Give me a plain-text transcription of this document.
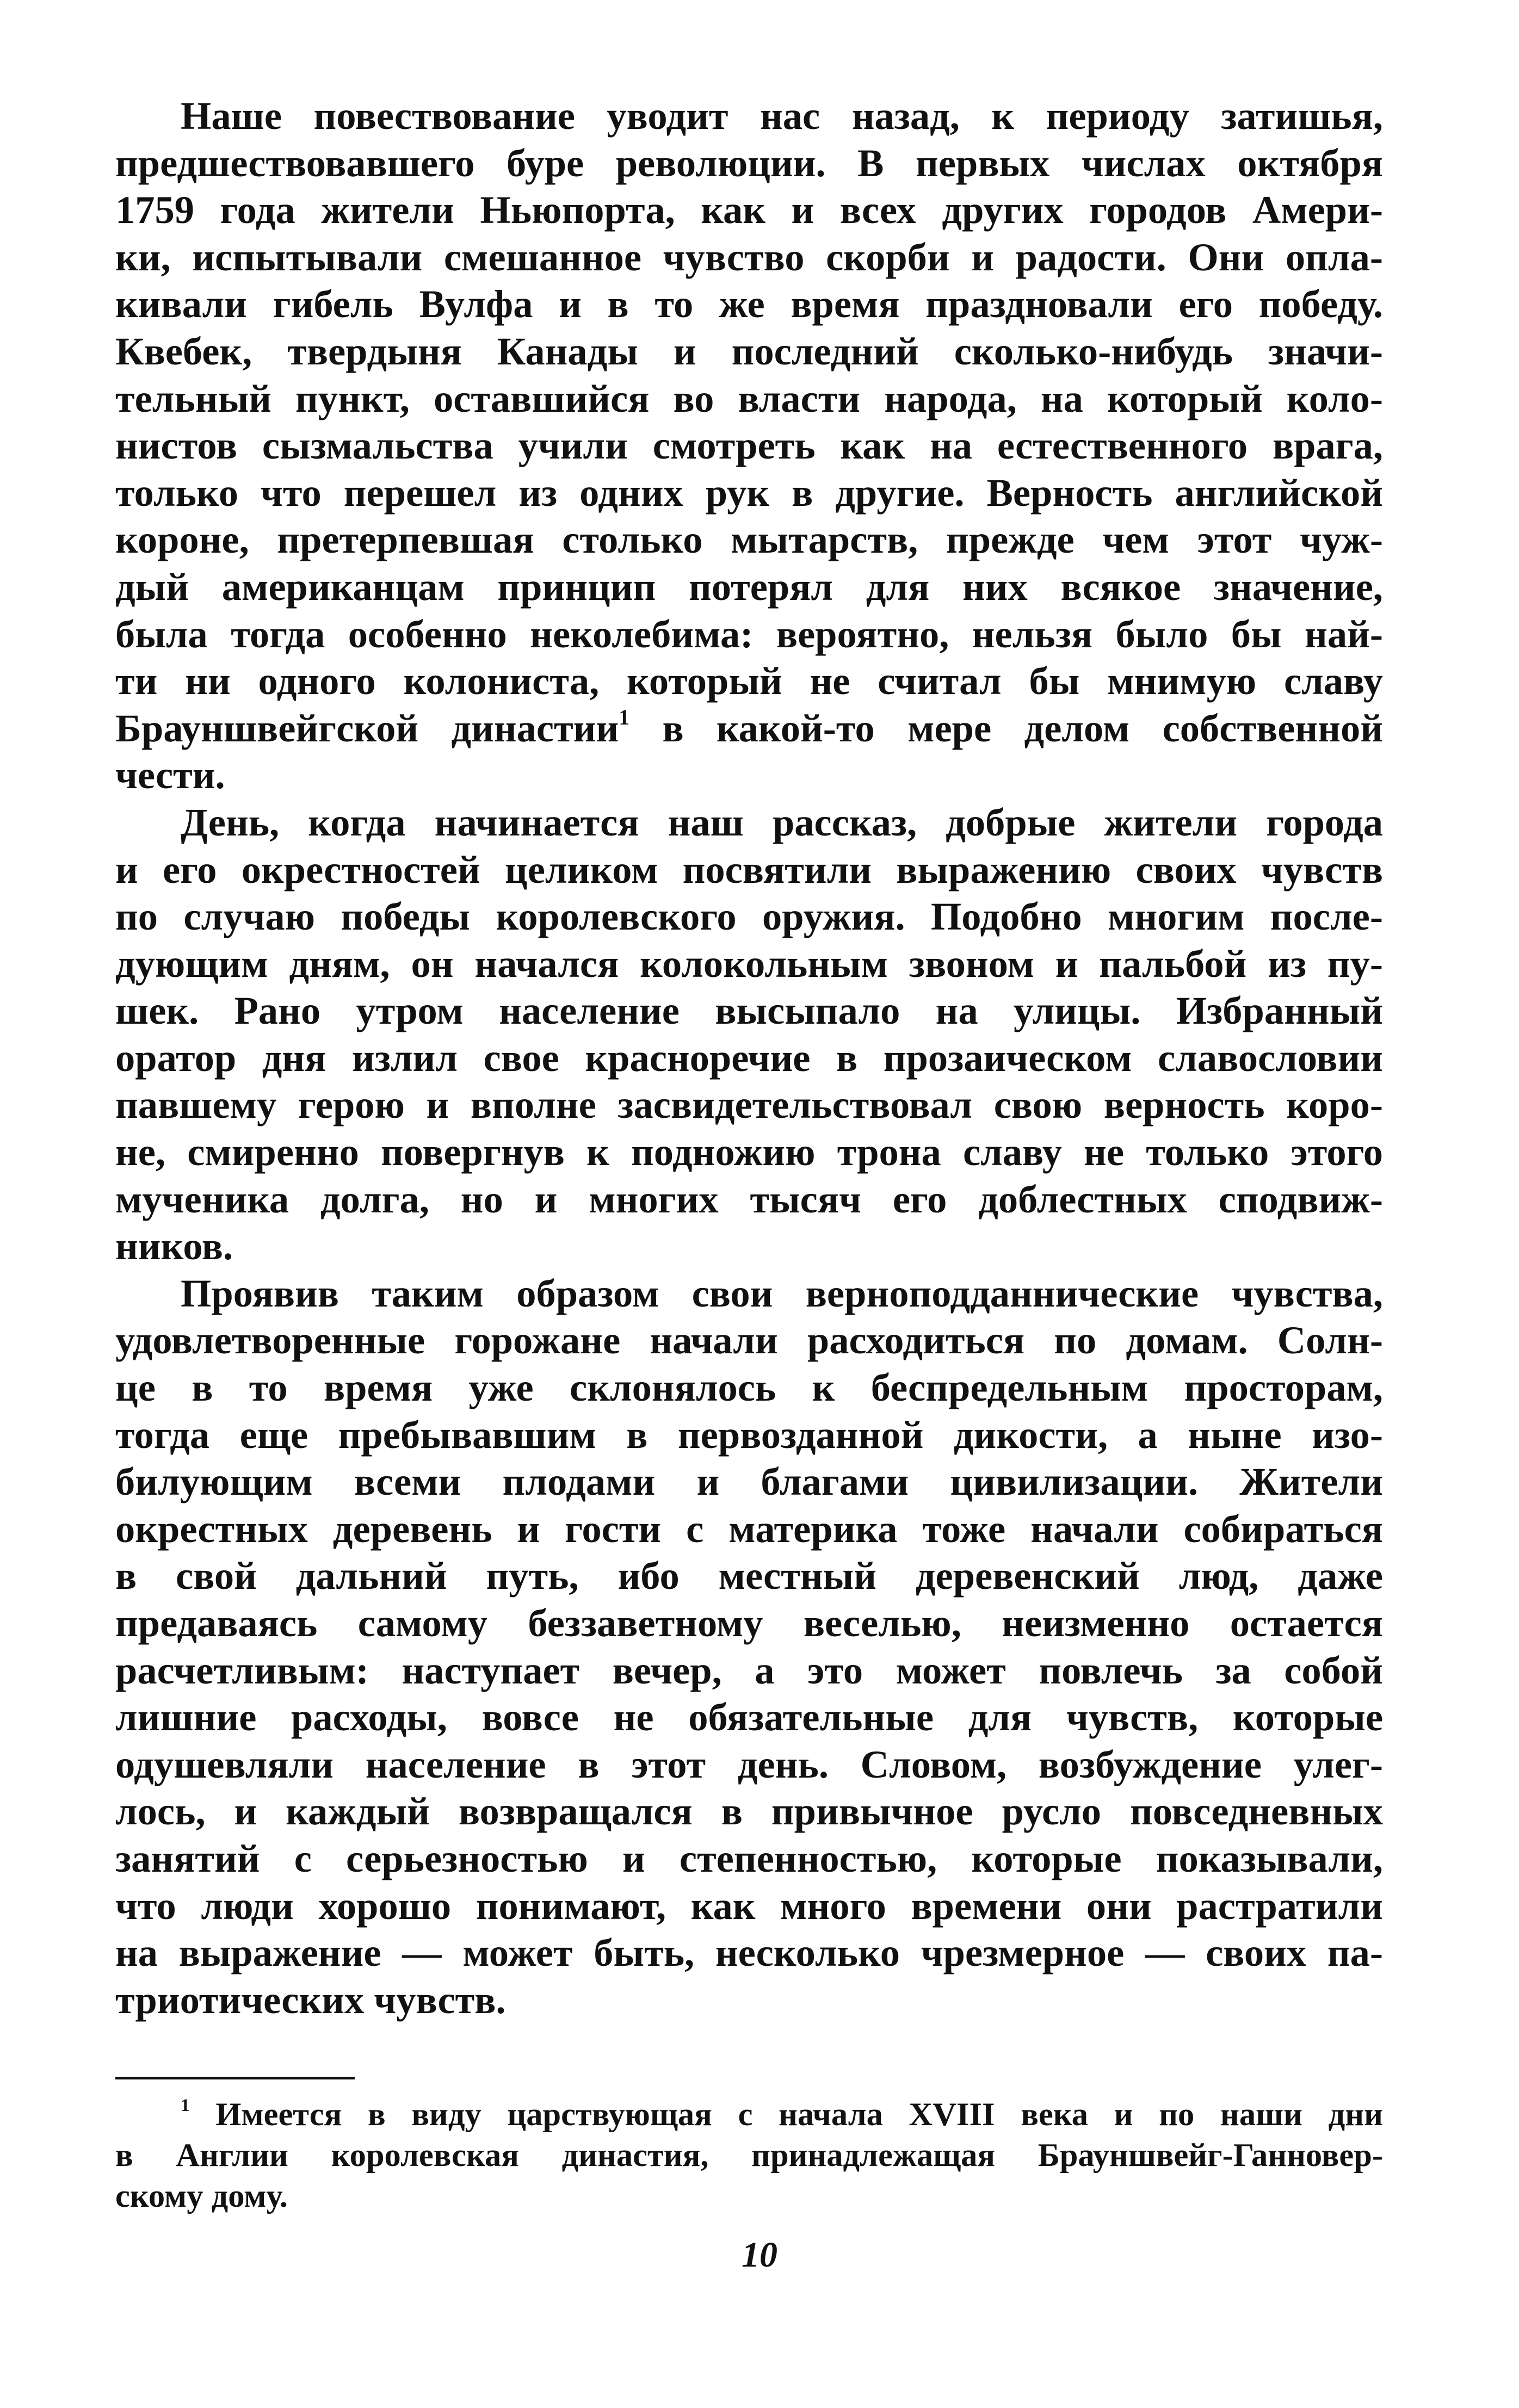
Наше повествование уводит нас назад, к периоду затишья,
предшествовавшего буре революции. В первых числах октября
1759 года жители Ньюпорта, как и всех других городов Амери-
ки, испытывали смешанное чувство скорби и радости. Они опла-
кивали гибель Вулфа и в то же время праздновали его победу.
Квебек, твердыня Канады и последний сколько-нибудь значи-
тельный пункт, оставшийся во власти народа, на который коло-
нистов сызмальства учили смотреть как на естественного врага,
только что перешел из одних рук в другие. Верность английской
короне, претерпевшая столько мытарств, прежде чем этот чуж-
дый американцам принцип потерял для них всякое значение,
была тогда особенно неколебима: вероятно, нельзя было бы най-
ти ни одного колониста, который не считал бы мнимую славу
Брауншвейгской династии$^1$ в какой-то мере делом собственной
чести.
День, когда начинается наш рассказ, добрые жители города
и его окрестностей целиком посвятили выражению своих чувств
по случаю победы королевского оружия. Подобно многим после-
дующим дням, он начался колокольным звоном и пальбой из пу-
шек. Рано утром население высыпало на улицы. Избранный
оратор дня излил свое красноречие в прозаическом славословии
павшему герою и вполне засвидетельствовал свою верность коро-
не, смиренно повергнув к подножию трона славу не только этого
мученика долга, но и многих тысяч его доблестных сподвиж-
ников.
Проявив таким образом свои верноподданнические чувства,
удовлетворенные горожане начали расходиться по домам. Солн-
це в то время уже склонялось к беспредельным просторам,
тогда еще пребывавшим в первозданной дикости, а ныне изо-
билующим всеми плодами и благами цивилизации. Жители
окрестных деревень и гости с материка тоже начали собираться
в свой дальний путь, ибо местный деревенский люд, даже
предаваясь самому беззаветному веселью, неизменно остается
расчетливым: наступает вечер, а это может повлечь за собой
лишние расходы, вовсе не обязательные для чувств, которые
одушевляли население в этот день. Словом, возбуждение улег-
лось, и каждый возвращался в привычное русло повседневных
занятий с серьезностью и степенностью, которые показывали,
что люди хорошо понимают, как много времени они растратили
на выражение — может быть, несколько чрезмерное — своих па-
триотических чувств.
$^1$ Имеется в виду царствующая с начала XVIII века и по наши дни
в Англии королевская династия, принадлежащая Брауншвейг-Ганновер-
скому дому.
10
